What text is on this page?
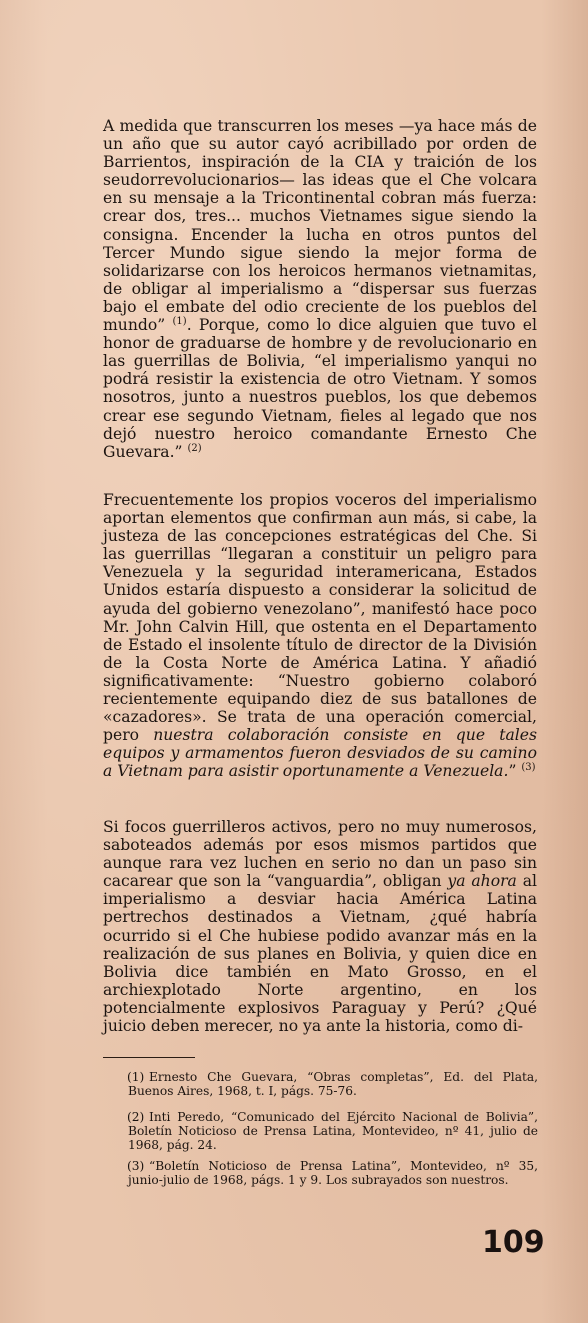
A medida que transcurren los meses —ya hace más de un año que su autor cayó acribillado por orden de Barrientos, inspiración de la CIA y traición de los seudorrevolucionarios— las ideas que el Che volcara en su mensaje a la Tricontinental cobran más fuerza: crear dos, tres... muchos Vietnames sigue siendo la consigna. Encender la lucha en otros puntos del Tercer Mundo sigue siendo la mejor forma de solidarizarse con los heroicos hermanos vietnamitas, de obligar al imperialismo a “dispersar sus fuerzas bajo el embate del odio creciente de los pueblos del mundo” $^{(1)}$. Porque, como lo dice alguien que tuvo el honor de graduarse de hombre y de revolucionario en las guerrillas de Bolivia, “el imperialismo yanqui no podrá resistir la existencia de otro Vietnam. Y somos nosotros, junto a nuestros pueblos, los que debemos crear ese segundo Vietnam, fieles al legado que nos dejó nuestro heroico comandante Ernesto Che Guevara.” $^{(2)}$

Frecuentemente los propios voceros del imperialismo aportan elementos que confirman aun más, si cabe, la justeza de las concepciones estratégicas del Che. Si las guerrillas “llegaran a constituir un peligro para Venezuela y la seguridad interamericana, Estados Unidos estaría dispuesto a considerar la solicitud de ayuda del gobierno venezolano”, manifestó hace poco Mr. John Calvin Hill, que ostenta en el Departamento de Estado el insolente título de director de la División de la Costa Norte de América Latina. Y añadió significativamente: “Nuestro gobierno colaboró recientemente equipando diez de sus batallones de «cazadores». Se trata de una operación comercial, pero nuestra colaboración consiste en que tales equipos y armamentos fueron desviados de su camino a Vietnam para asistir oportunamente a Venezuela.” $^{(3)}$

Si focos guerrilleros activos, pero no muy numerosos, saboteados además por esos mismos partidos que aunque rara vez luchen en serio no dan un paso sin cacarear que son la “vanguardia”, obligan ya ahora al imperialismo a desviar hacia América Latina pertrechos destinados a Vietnam, ¿qué habría ocurrido si el Che hubiese podido avanzar más en la realización de sus planes en Bolivia, y quien dice en Bolivia dice también en Mato Grosso, en el archiexplotado Norte argentino, en los potencialmente explosivos Paraguay y Perú? ¿Qué juicio deben merecer, no ya ante la historia, como di-

(1) Ernesto Che Guevara, “Obras completas”, Ed. del Plata, Buenos Aires, 1968, t. I, págs. 75-76.
(2) Inti Peredo, “Comunicado del Ejército Nacional de Bolivia”, Boletín Noticioso de Prensa Latina, Montevideo, nº 41, julio de 1968, pág. 24.
(3) “Boletín Noticioso de Prensa Latina”, Montevideo, nº 35, junio-julio de 1968, págs. 1 y 9. Los subrayados son nuestros.
109
